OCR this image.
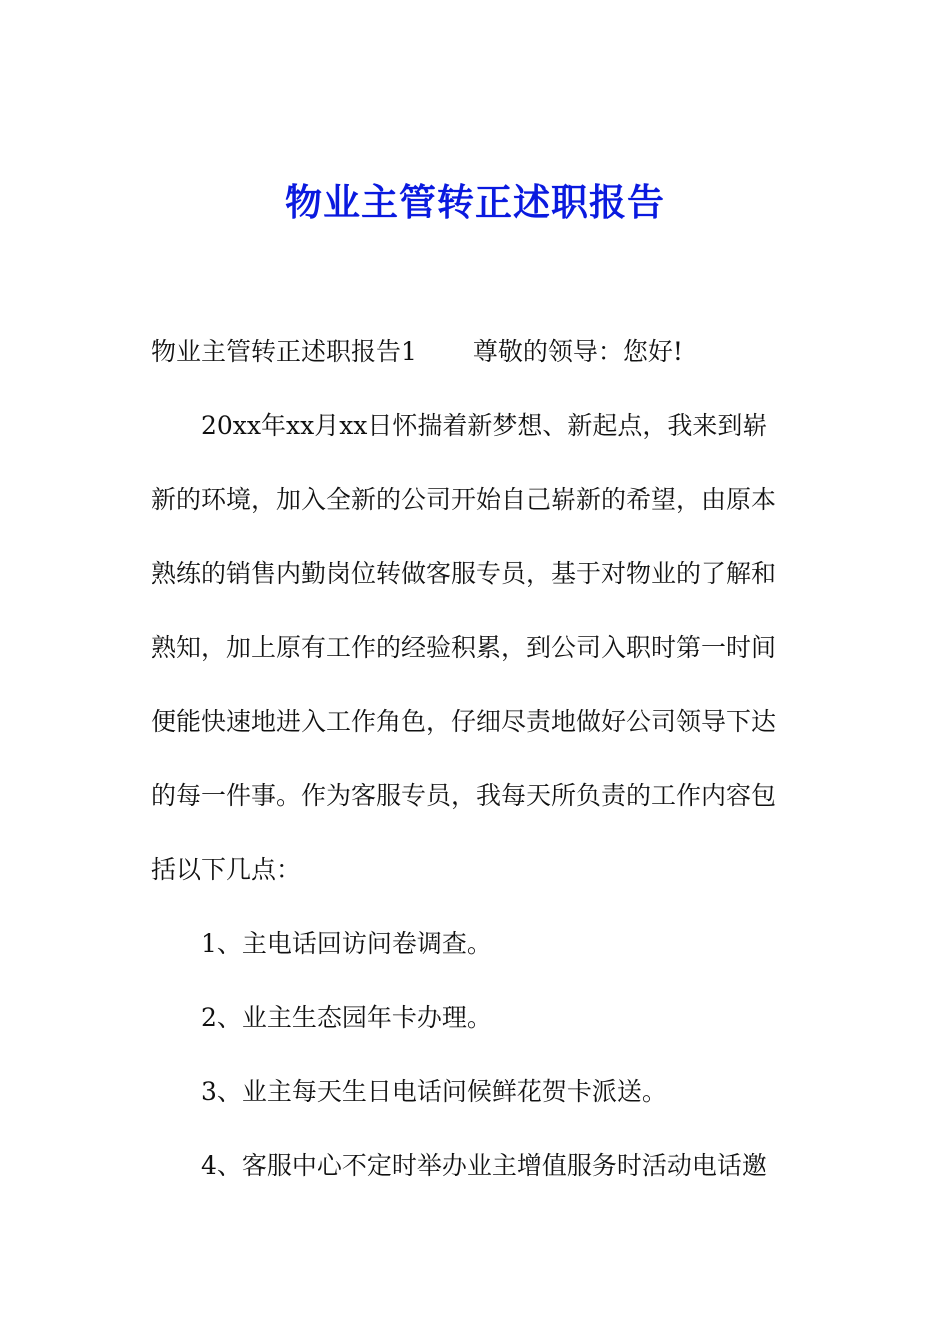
物业主管转正述职报告

物业主管转正述职报告1 尊敬的领导：您好!

20xx年xx月xx日怀揣着新梦想、新起点，我来到崭

新的环境，加入全新的公司开始自己崭新的希望，由原本

熟练的销售内勤岗位转做客服专员，基于对物业的了解和

熟知，加上原有工作的经验积累，到公司入职时第一时间

便能快速地进入工作角色，仔细尽责地做好公司领导下达

的每一件事。作为客服专员，我每天所负责的工作内容包

括以下几点：

1、主电话回访问卷调查。

2、业主生态园年卡办理。

3、业主每天生日电话问候鲜花贺卡派送。

4、客服中心不定时举办业主增值服务时活动电话邀
